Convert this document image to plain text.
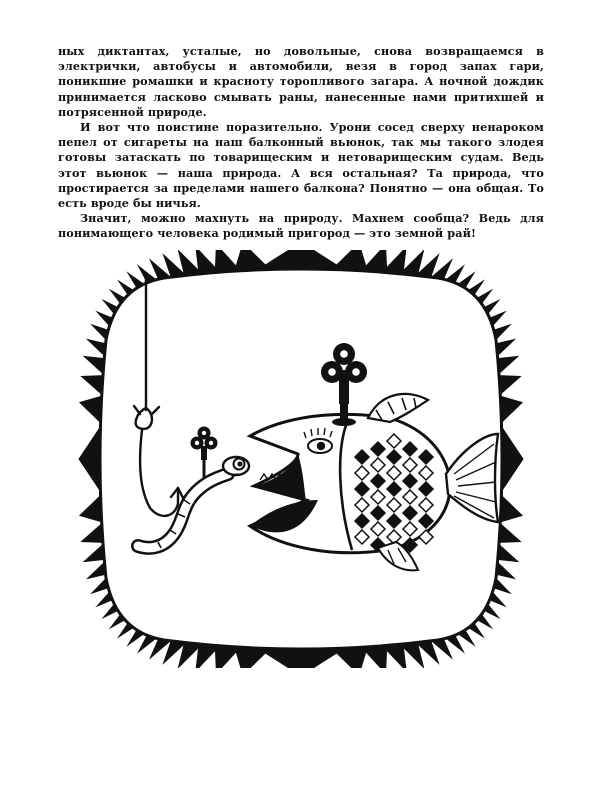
ных диктантах, усталые, но довольные, снова возвращаемся в электрички, автобусы и автомобили, везя в город запах гари, поникшие ромашки и красноту торопливого загара. А ночной дождик принимается ласково смывать раны, нанесенные нами притихшей и потрясенной природе.

И вот что поистине поразительно. Урони сосед сверху ненароком пепел от сигареты на наш балконный вьюнок, так мы такого злодея готовы затаскать по товарищеским и нетоварищеским судам. Ведь этот вьюнок — наша природа. А вся остальная? Та природа, что простирается за пределами нашего балкона? Понятно — она общая. То есть вроде бы ничья.

Значит, можно махнуть на природу. Махнем сообща? Ведь для понимающего человека родимый пригород — это земной рай!
